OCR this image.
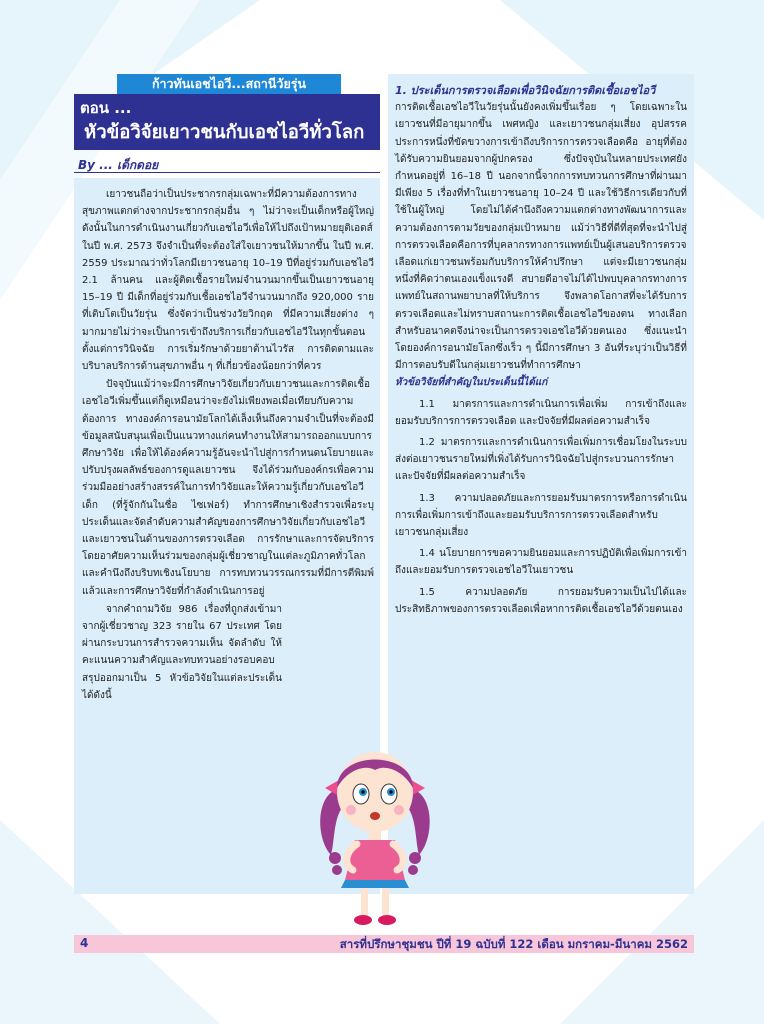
ก้าวทันเอชไอวี...สถานีวัยรุ่น
ตอน ...
หัวข้อวิจัยเยาวชนกับเอชไอวีทั่วโลก
By ... เด็กดอย

เยาวชนถือว่าเป็นประชากรกลุ่มเฉพาะที่มีความต้องการทางสุขภาพแตกต่างจากประชากรกลุ่มอื่น ๆ ไม่ว่าจะเป็นเด็กหรือผู้ใหญ่ ดังนั้นในการดำเนินงานเกี่ยวกับเอชไอวีเพื่อให้ไปถึงเป้าหมายยุติเอดส์ในปี พ.ศ. 2573 จึงจำเป็นที่จะต้องใส่ใจเยาวชนให้มากขึ้น ในปี พ.ศ. 2559 ประมาณว่าทั่วโลกมีเยาวชนอายุ 10–19 ปีที่อยู่ร่วมกับเอชไอวี 2.1 ล้านคน และผู้ติดเชื้อรายใหม่จำนวนมากขึ้นเป็นเยาวชนอายุ 15–19 ปี มีเด็กที่อยู่ร่วมกับเชื้อเอชไอวีจำนวนมากถึง 920,000 รายที่เติบโตเป็นวัยรุ่น ซึ่งจัดว่าเป็นช่วงวัยวิกฤต ที่มีความเสี่ยงต่าง ๆ มากมายไม่ว่าจะเป็นการเข้าถึงบริการเกี่ยวกับเอชไอวีในทุกขั้นตอนตั้งแต่การวินิจฉัย การเริ่มรักษาด้วยยาต้านไวรัส การติดตามและบริบาลบริการด้านสุขภาพอื่น ๆ ที่เกี่ยวข้องน้อยกว่าที่ควร

ปัจจุบันแม้ว่าจะมีการศึกษาวิจัยเกี่ยวกับเยาวชนและการติดเชื้อเอชไอวีเพิ่มขึ้นแต่ก็ดูเหมือนว่าจะยังไม่เพียงพอเมื่อเทียบกับความต้องการ ทางองค์การอนามัยโลกได้เล็งเห็นถึงความจำเป็นที่จะต้องมีข้อมูลสนับสนุนเพื่อเป็นแนวทางแก่คนทำงานให้สามารถออกแบบการศึกษาวิจัย เพื่อให้ได้องค์ความรู้อันจะนำไปสู่การกำหนดนโยบายและปรับปรุงผลลัพธ์ของการดูแลเยาวชน จึงได้ร่วมกับองค์กรเพื่อความร่วมมืออย่างสร้างสรรค์ในการทำวิจัยและให้ความรู้เกี่ยวกับเอชไอวีเด็ก (ที่รู้จักกันในชื่อ ไซเฟอร์) ทำการศึกษาเชิงสำรวจเพื่อระบุประเด็นและจัดลำดับความสำคัญของการศึกษาวิจัยเกี่ยวกับเอชไอวีและเยาวชนในด้านของการตรวจเลือด การรักษาและการจัดบริการ โดยอาศัยความเห็นร่วมของกลุ่มผู้เชี่ยวชาญในแต่ละภูมิภาคทั่วโลกและคำนึงถึงบริบทเชิงนโยบาย การทบทวนวรรณกรรมที่มีการตีพิมพ์แล้วและการศึกษาวิจัยที่กำลังดำเนินการอยู่

จากคำถามวิจัย 986 เรื่องที่ถูกส่งเข้ามาจากผู้เชี่ยวชาญ 323 รายใน 67 ประเทศ โดยผ่านกระบวนการสำรวจความเห็น จัดลำดับ ให้คะแนนความสำคัญและทบทวนอย่างรอบคอบ สรุปออกมาเป็น 5 หัวข้อวิจัยในแต่ละประเด็นได้ดังนี้

1. ประเด็นการตรวจเลือดเพื่อวินิจฉัยการติดเชื้อเอชไอวี

การติดเชื้อเอชไอวีในวัยรุ่นนั้นยังคงเพิ่มขึ้นเรื่อย ๆ โดยเฉพาะในเยาวชนที่มีอายุมากขึ้น เพศหญิง และเยาวชนกลุ่มเสี่ยง อุปสรรคประการหนึ่งที่ขัดขวางการเข้าถึงบริการการตรวจเลือดคือ อายุที่ต้องได้รับความยินยอมจากผู้ปกครอง ซึ่งปัจจุบันในหลายประเทศยังกำหนดอยู่ที่ 16–18 ปี นอกจากนี้จากการทบทวนการศึกษาที่ผ่านมา มีเพียง 5 เรื่องที่ทำในเยาวชนอายุ 10–24 ปี และใช้วิธีการเดียวกับที่ใช้ในผู้ใหญ่ โดยไม่ได้คำนึงถึงความแตกต่างทางพัฒนาการและความต้องการตามวัยของกลุ่มเป้าหมาย แม้ว่าวิธีที่ดีที่สุดที่จะนำไปสู่การตรวจเลือดคือการที่บุคลากรทางการแพทย์เป็นผู้เสนอบริการตรวจเลือดแก่เยาวชนพร้อมกับบริการให้คำปรึกษา แต่จะมีเยาวชนกลุ่มหนึ่งที่คิดว่าตนเองแข็งแรงดี สบายดีอาจไม่ได้ไปพบบุคลากรทางการแพทย์ในสถานพยาบาลที่ให้บริการ จึงพลาดโอกาสที่จะได้รับการตรวจเลือดและไม่ทราบสถานะการติดเชื้อเอชไอวีของตน ทางเลือกสำหรับอนาคตจึงน่าจะเป็นการตรวจเอชไอวีด้วยตนเอง ซึ่งแนะนำโดยองค์การอนามัยโลกซึ่งเร็ว ๆ นี้มีการศึกษา 3 อันที่ระบุว่าเป็นวิธีที่มีการตอบรับดีในกลุ่มเยาวชนที่ทำการศึกษา

หัวข้อวิจัยที่สำคัญในประเด็นนี้ได้แก่

1.1 มาตรการและการดำเนินการเพื่อเพิ่ม การเข้าถึงและยอมรับบริการการตรวจเลือด และปัจจัยที่มีผลต่อความสำเร็จ

1.2 มาตรการและการดำเนินการเพื่อเพิ่มการเชื่อมโยงในระบบส่งต่อเยาวชนรายใหม่ที่เพิ่งได้รับการวินิจฉัยไปสู่กระบวนการรักษาและปัจจัยที่มีผลต่อความสำเร็จ

1.3 ความปลอดภัยและการยอมรับมาตรการหรือการดำเนินการเพื่อเพิ่มการเข้าถึงและยอมรับบริการการตรวจเลือดสำหรับเยาวชนกลุ่มเสี่ยง

1.4 นโยบายการขอความยินยอมและการปฏิบัติเพื่อเพิ่มการเข้าถึงและยอมรับการตรวจเอชไอวีในเยาวชน

1.5 ความปลอดภัย การยอมรับความเป็นไปได้และประสิทธิภาพของการตรวจเลือดเพื่อหาการติดเชื้อเอชไอวีด้วยตนเอง

4	สารที่ปรึกษาชุมชน ปีที่ 19 ฉบับที่ 122 เดือน มกราคม-มีนาคม 2562
